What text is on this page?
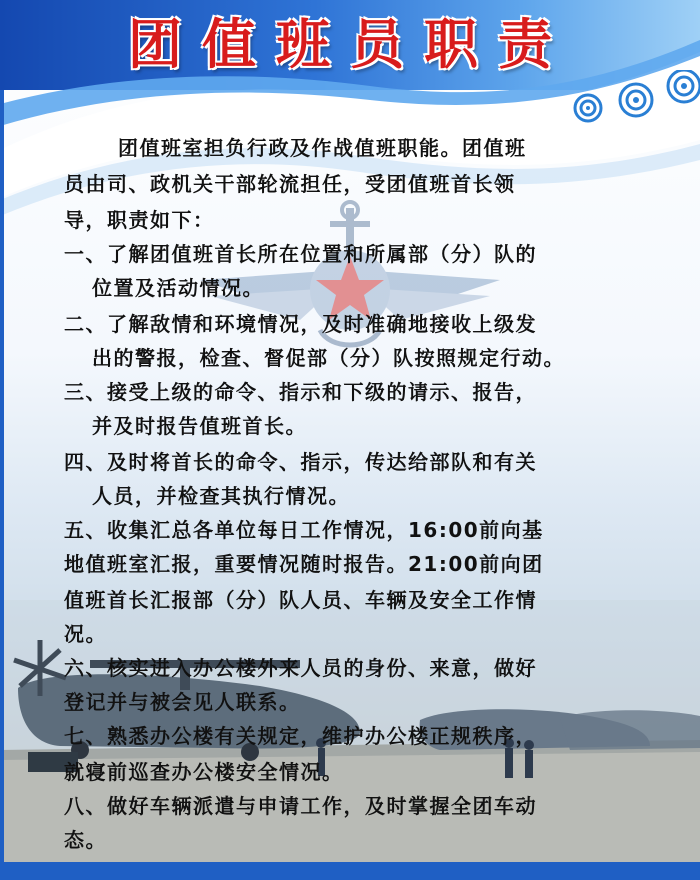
团值班员职责

团值班室担负行政及作战值班职能。团值班

员由司、政机关干部轮流担任，受团值班首长领

导，职责如下：

一、了解团值班首长所在位置和所属部（分）队的

位置及活动情况。

二、了解敌情和环境情况，及时准确地接收上级发

出的警报，检查、督促部（分）队按照规定行动。

三、接受上级的命令、指示和下级的请示、报告，

并及时报告值班首长。

四、及时将首长的命令、指示，传达给部队和有关

人员，并检查其执行情况。

五、收集汇总各单位每日工作情况，16:00前向基

地值班室汇报，重要情况随时报告。21:00前向团

值班首长汇报部（分）队人员、车辆及安全工作情

况。

六、核实进入办公楼外来人员的身份、来意，做好

登记并与被会见人联系。

七、熟悉办公楼有关规定，维护办公楼正规秩序，

就寝前巡查办公楼安全情况。

八、做好车辆派遣与申请工作，及时掌握全团车动

态。
